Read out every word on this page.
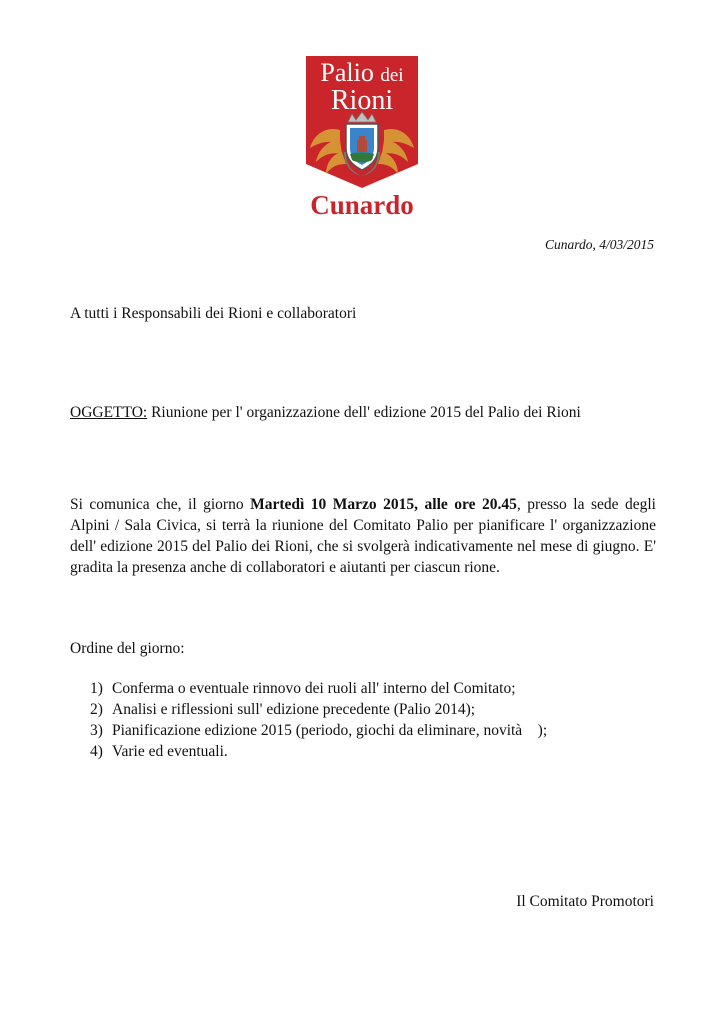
Palio dei
Rioni
Cunardo
Cunardo, 4/03/2015
A tutti i Responsabili dei Rioni e collaboratori
OGGETTO: Riunione per l' organizzazione dell' edizione 2015 del Palio dei Rioni
Si comunica che, il giorno Martedì 10 Marzo 2015, alle ore 20.45, presso la sede degli Alpini / Sala Civica, si terrà la riunione del Comitato Palio per pianificare l' organizzazione dell' edizione 2015 del Palio dei Rioni, che si svolgerà indicativamente nel mese di giugno. E' gradita la presenza anche di collaboratori e aiutanti per ciascun rione.
Ordine del giorno:
1) Conferma o eventuale rinnovo dei ruoli all' interno del Comitato;
2) Analisi e riflessioni sull' edizione precedente (Palio 2014);
3) Pianificazione edizione 2015 (periodo, giochi da eliminare, novità    );
4) Varie ed eventuali.
Il Comitato Promotori
